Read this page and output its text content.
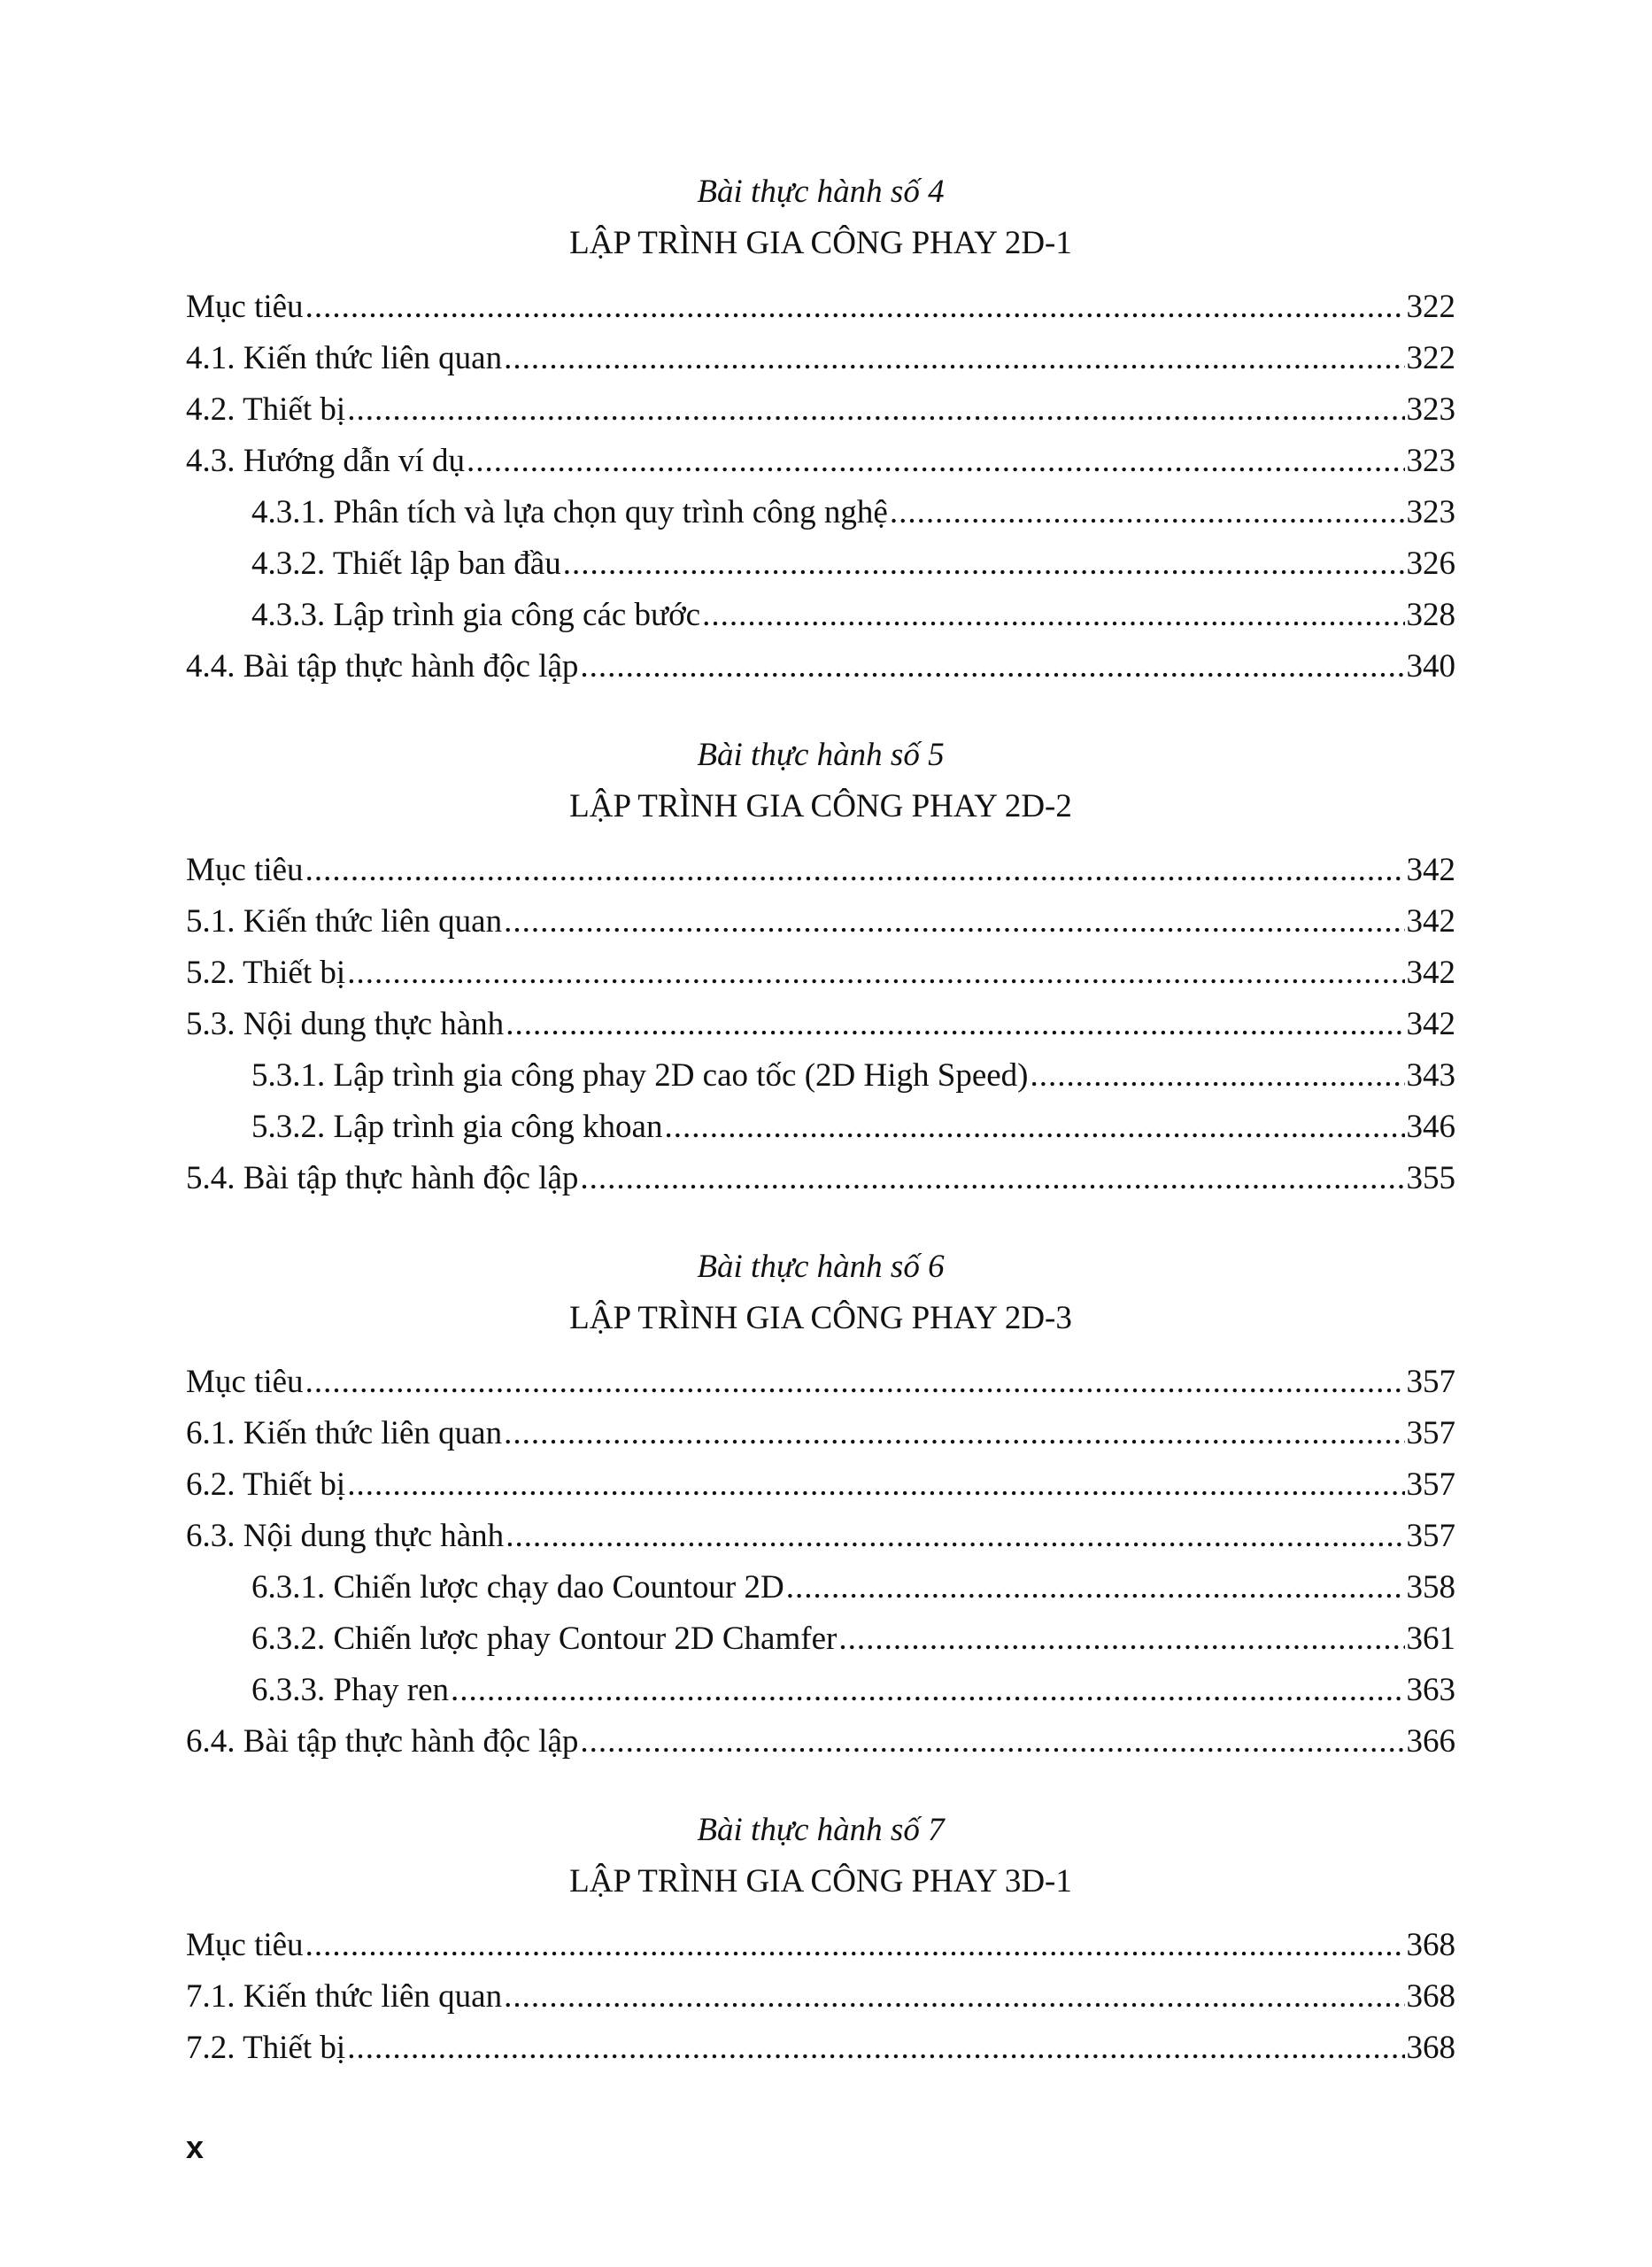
Bài thực hành số 4
LẬP TRÌNH GIA CÔNG PHAY 2D-1
Mục tiêu .....	322
4.1. Kiến thức liên quan .....	322
4.2. Thiết bị .....	323
4.3. Hướng dẫn ví dụ .....	323
4.3.1. Phân tích và lựa chọn quy trình công nghệ .....	323
4.3.2. Thiết lập ban đầu .....	326
4.3.3. Lập trình gia công các bước .....	328
4.4. Bài tập thực hành độc lập .....	340
Bài thực hành số 5
LẬP TRÌNH GIA CÔNG PHAY 2D-2
Mục tiêu .....	342
5.1. Kiến thức liên quan .....	342
5.2. Thiết bị .....	342
5.3. Nội dung thực hành .....	342
5.3.1. Lập trình gia công phay 2D cao tốc (2D High Speed) .....	343
5.3.2. Lập trình gia công khoan .....	346
5.4. Bài tập thực hành độc lập .....	355
Bài thực hành số 6
LẬP TRÌNH GIA CÔNG PHAY 2D-3
Mục tiêu .....	357
6.1. Kiến thức liên quan .....	357
6.2. Thiết bị .....	357
6.3. Nội dung thực hành .....	357
6.3.1. Chiến lược chạy dao Countour 2D .....	358
6.3.2. Chiến lược phay Contour 2D Chamfer .....	361
6.3.3. Phay ren .....	363
6.4. Bài tập thực hành độc lập .....	366
Bài thực hành số 7
LẬP TRÌNH GIA CÔNG PHAY 3D-1
Mục tiêu .....	368
7.1. Kiến thức liên quan .....	368
7.2. Thiết bị .....	368
x
